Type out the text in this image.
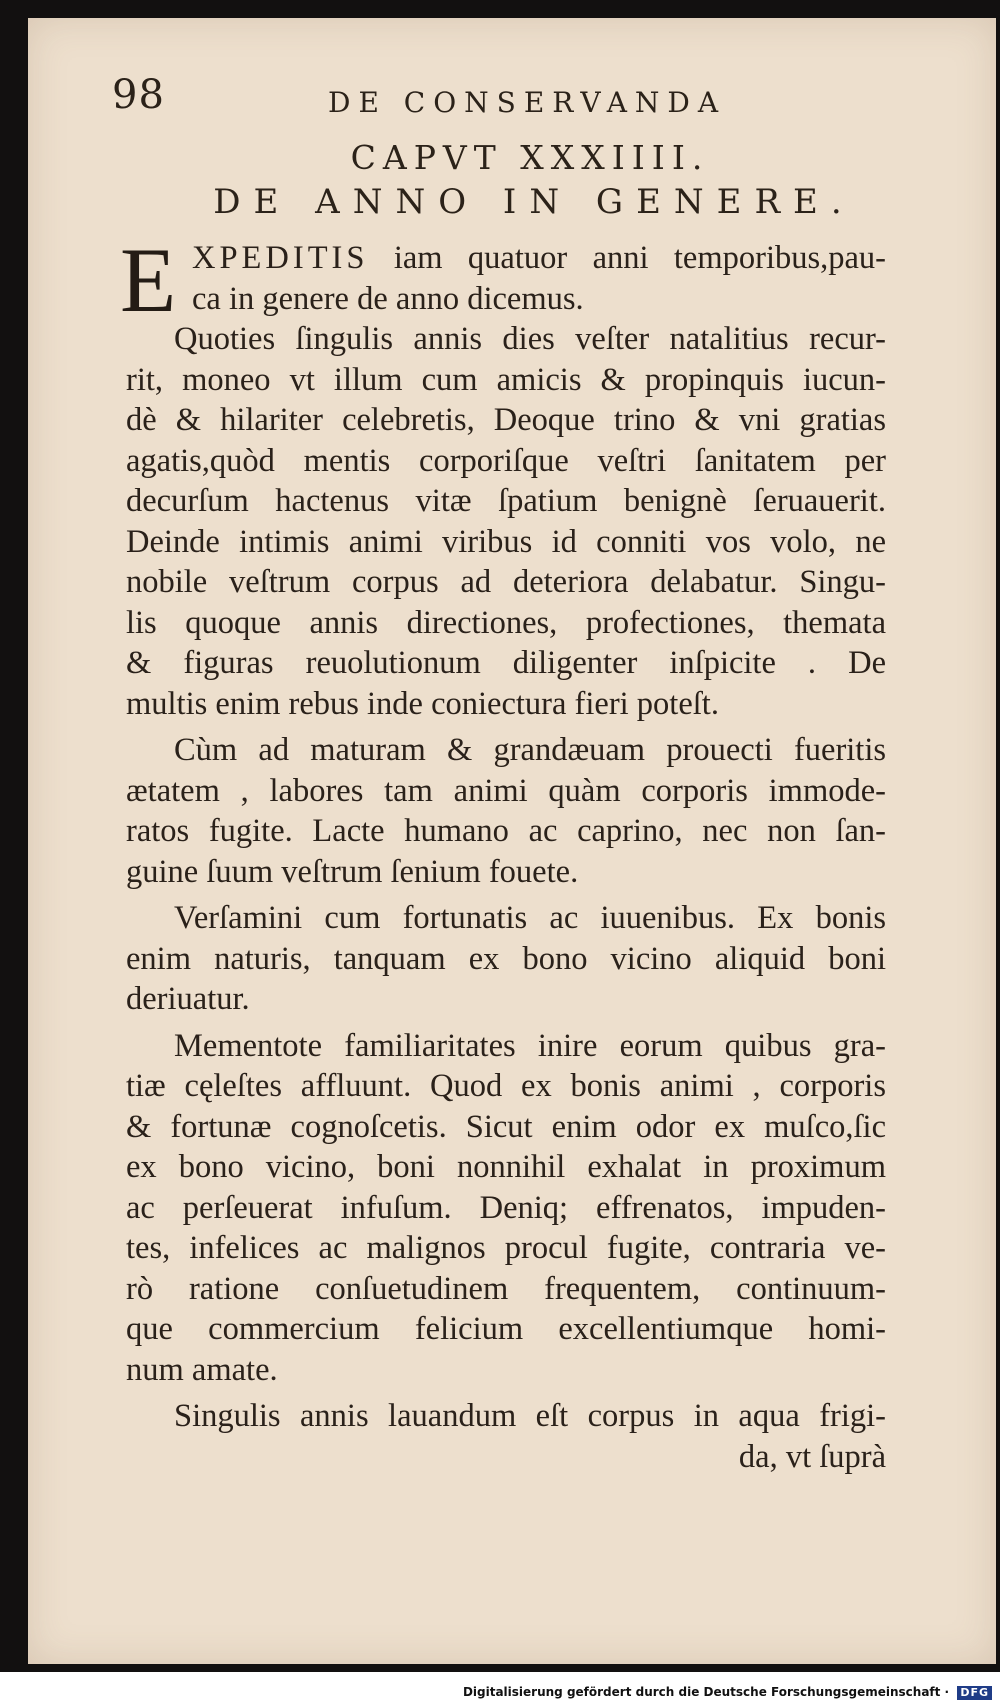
98	DE CONSERVANDA
CAPVT XXXIIII.
DE ANNO IN GENERE.
E XPEDITIS iam quatuor anni temporibus,pau-
ca in genere de anno dicemus.
Quoties ſingulis annis dies veſter natalitius recur-
rit, moneo vt illum cum amicis & propinquis iucun-
dè & hilariter celebretis, Deoque trino & vni gratias
agatis,quòd mentis corporiſque veſtri ſanitatem per
decurſum hactenus vitæ ſpatium benignè ſeruauerit.
Deinde intimis animi viribus id conniti vos volo, ne
nobile veſtrum corpus ad deteriora delabatur. Singu-
lis quoque annis directiones, profectiones, themata
& figuras reuolutionum diligenter inſpicite . De
multis enim rebus inde coniectura fieri poteſt.
Cùm ad maturam & grandæuam prouecti fueritis
ætatem , labores tam animi quàm corporis immode-
ratos fugite. Lacte humano ac caprino, nec non ſan-
guine ſuum veſtrum ſenium fouete.
Verſamini cum fortunatis ac iuuenibus. Ex bonis
enim naturis, tanquam ex bono vicino aliquid boni
deriuatur.
Mementote familiaritates inire eorum quibus gra-
tiæ cęleſtes affluunt. Quod ex bonis animi , corporis
& fortunæ cognoſcetis. Sicut enim odor ex muſco,ſic
ex bono vicino, boni nonnihil exhalat in proximum
ac perſeuerat infuſum. Deniq; effrenatos, impuden-
tes, infelices ac malignos procul fugite, contraria ve-
rò ratione conſuetudinem frequentem, continuum-
que commercium felicium excellentiumque homi-
num amate.
Singulis annis lauandum eſt corpus in aqua frigi-
da, vt ſuprà
Digitalisierung gefördert durch die Deutsche Forschungsgemeinschaft · DFG
